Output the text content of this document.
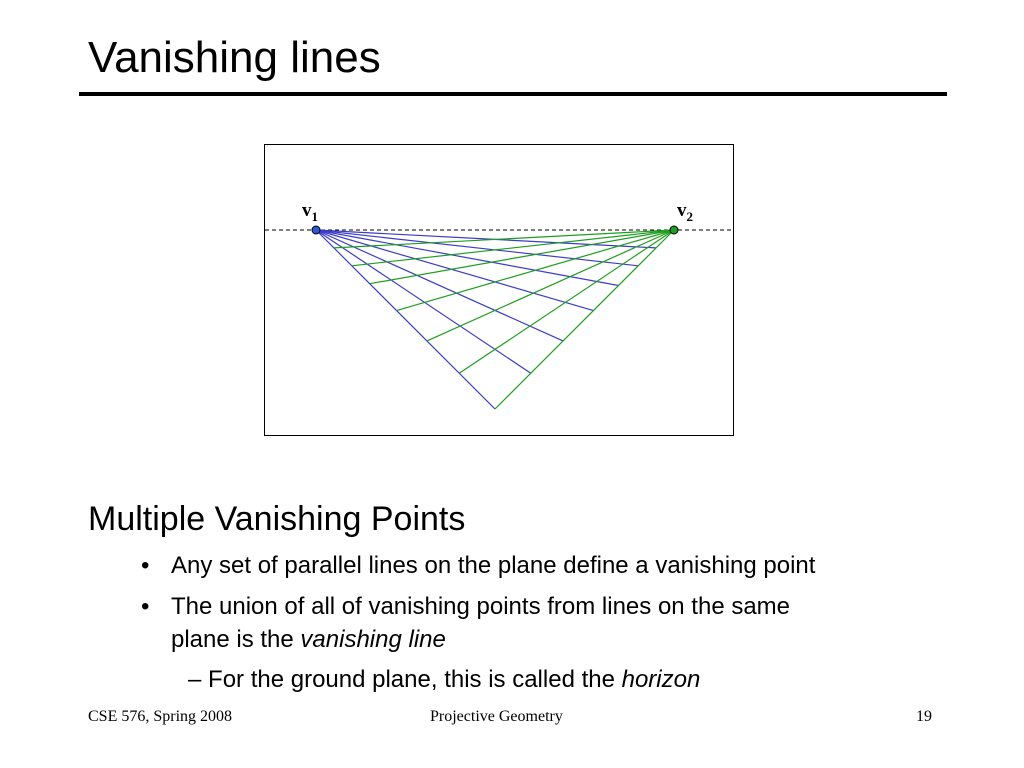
Vanishing lines
$v_1$	$v_2$
Multiple Vanishing Points
• Any set of parallel lines on the plane define a vanishing point
• The union of all of vanishing points from lines on the same
plane is the vanishing line
– For the ground plane, this is called the horizon
CSE 576, Spring 2008	Projective Geometry	19
